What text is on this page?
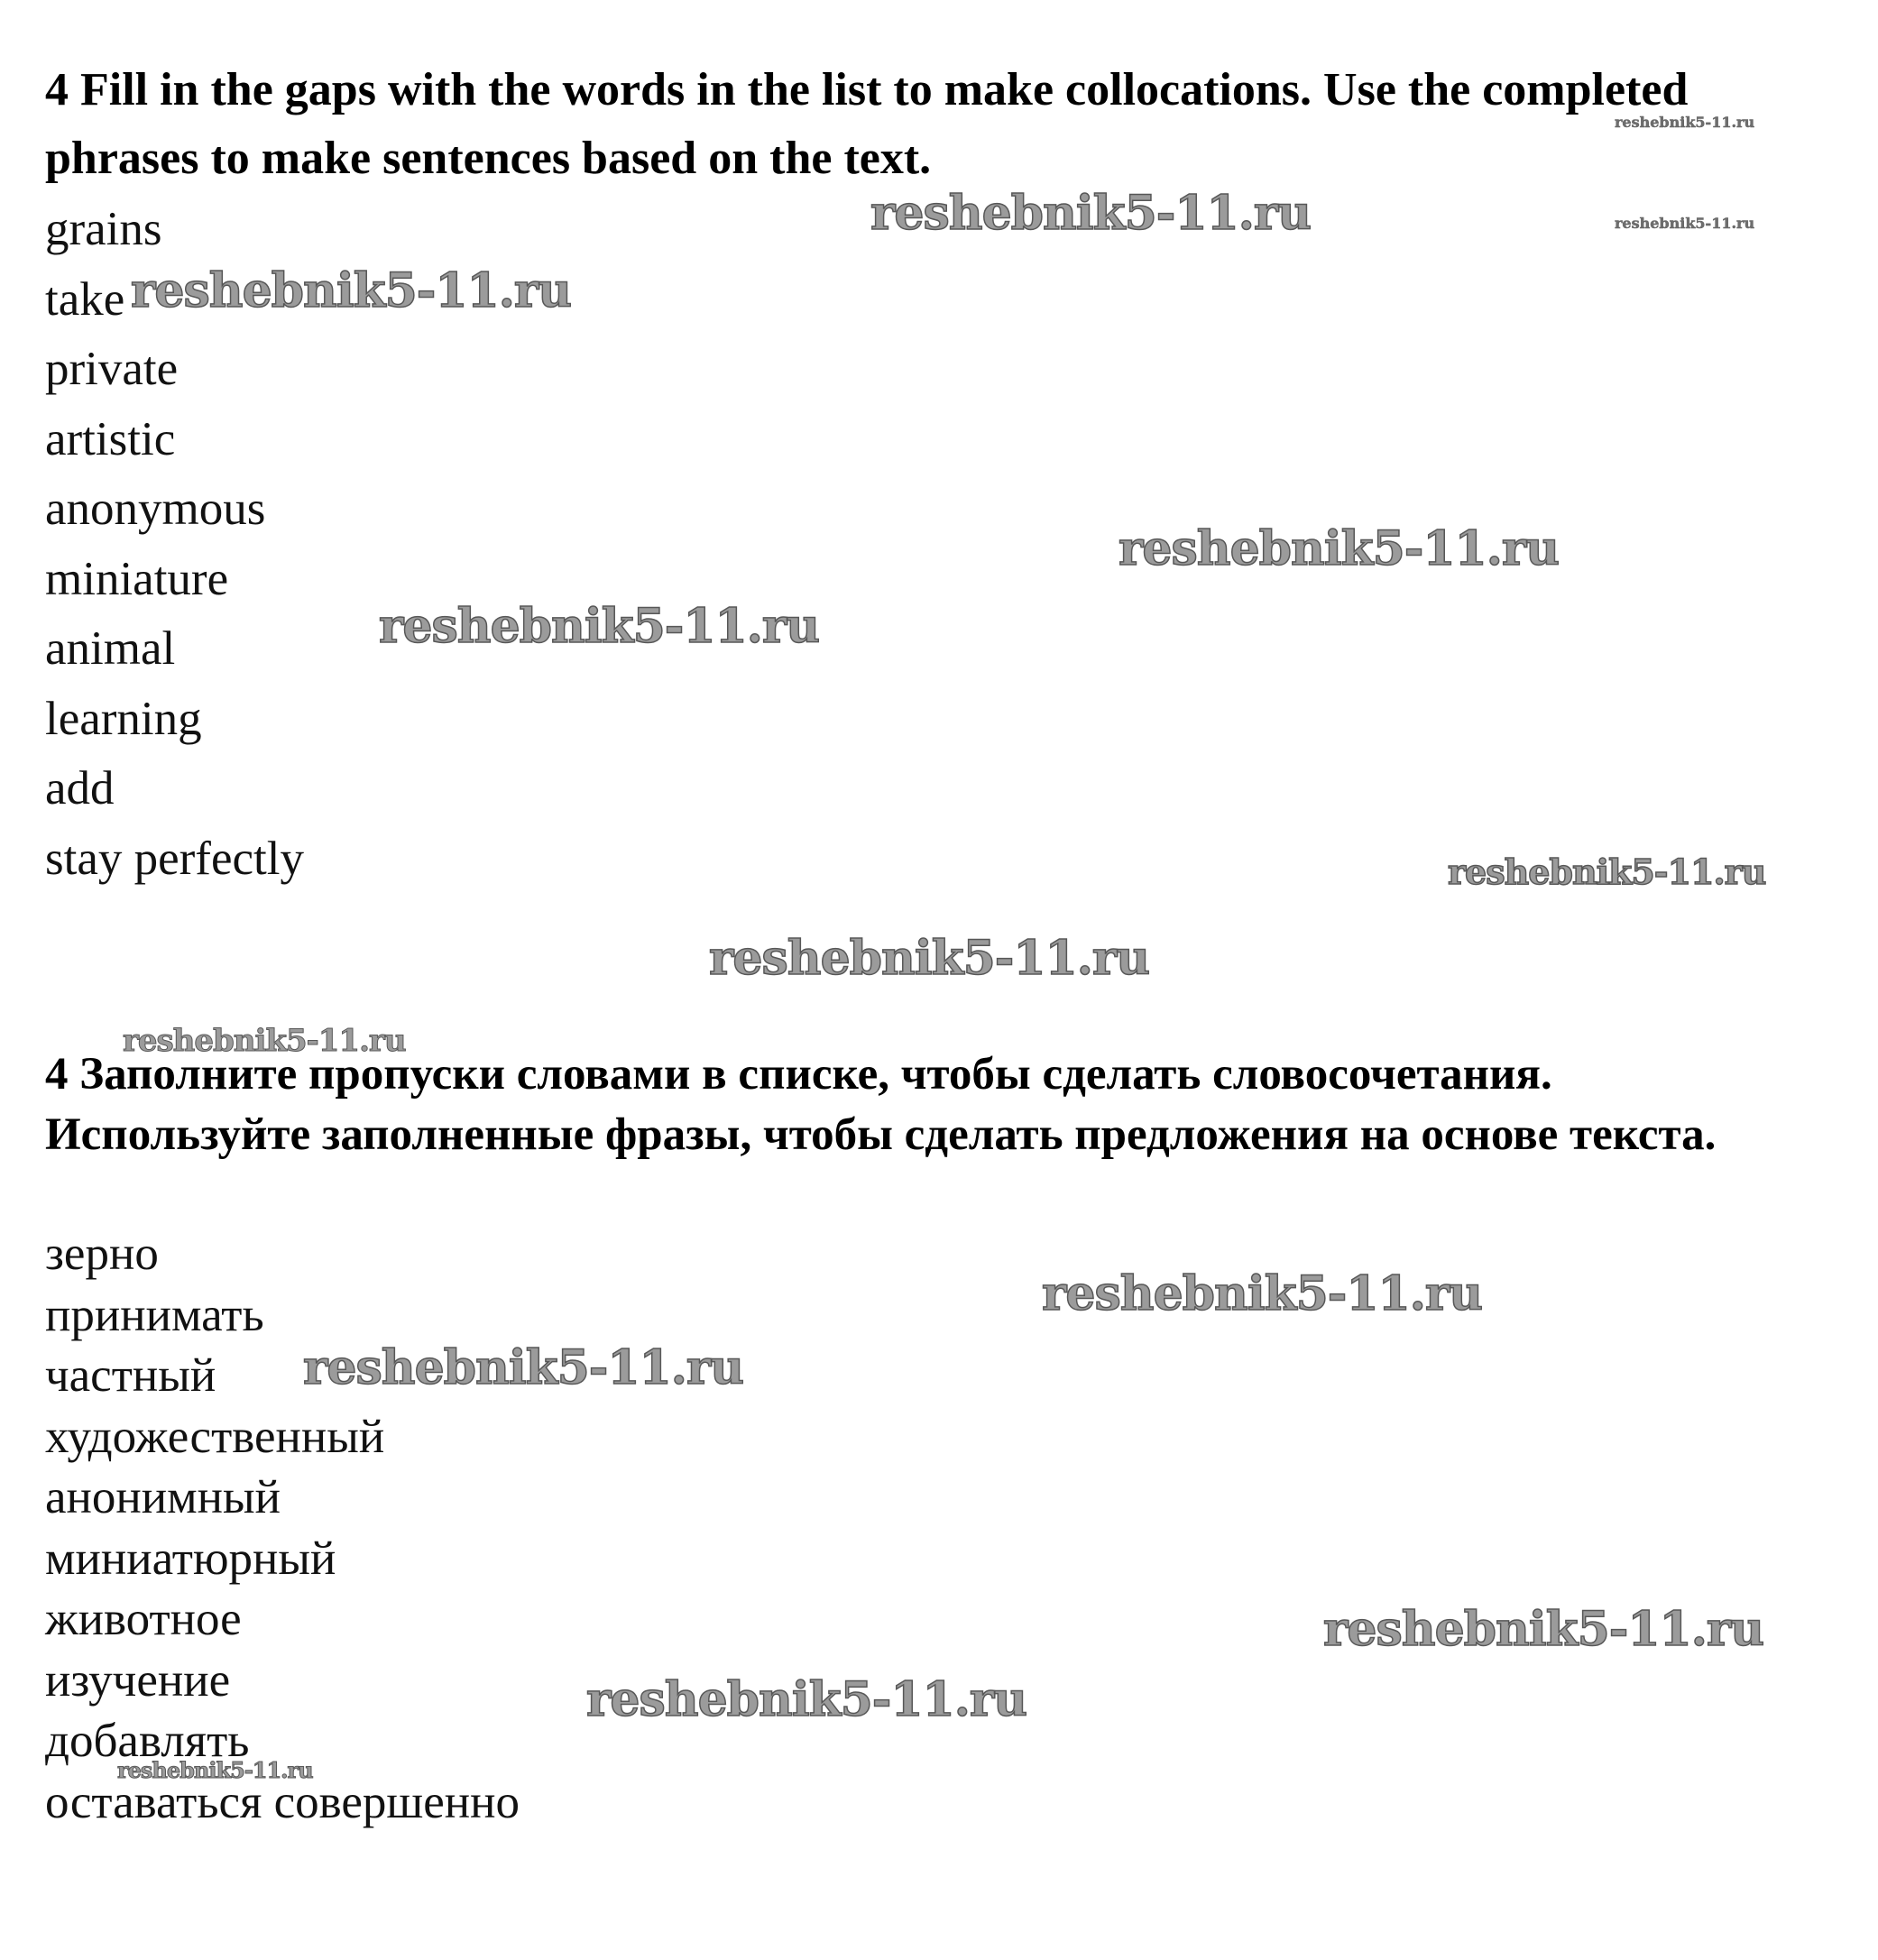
4 Fill in the gaps with the words in the list to make collocations. Use the completed phrases to make sentences based on the text.
grains
take
private
artistic
anonymous
miniature
animal
learning
add
stay perfectly
4 Заполните пропуски словами в списке, чтобы сделать словосочетания. Используйте заполненные фразы, чтобы сделать предложения на основе текста.
зерно
принимать
частный
художественный
анонимный
миниатюрный
животное
изучение
добавлять
оставаться совершенно
reshebnik5-11.ru
reshebnik5-11.ru	reshebnik5-11.ru
reshebnik5-11.ru
reshebnik5-11.ru
reshebnik5-11.ru
reshebnik5-11.ru
reshebnik5-11.ru
reshebnik5-11.ru
reshebnik5-11.ru
reshebnik5-11.ru
reshebnik5-11.ru
reshebnik5-11.ru
reshebnik5-11.ru
